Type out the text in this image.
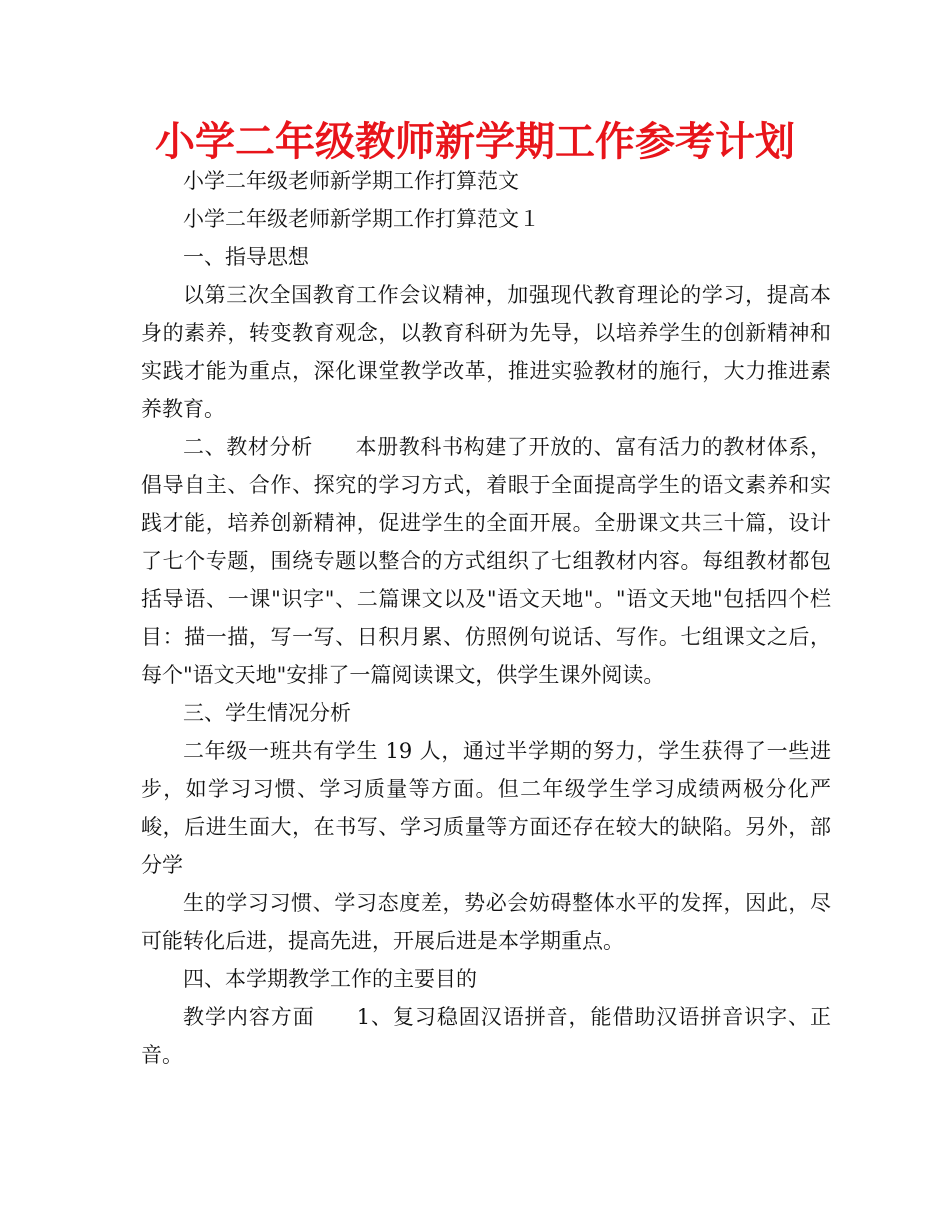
小学二年级教师新学期工作参考计划

小学二年级老师新学期工作打算范文

小学二年级老师新学期工作打算范文１

一、指导思想

以第三次全国教育工作会议精神，加强现代教育理论的学习，提高本身的素养，转变教育观念，以教育科研为先导，以培养学生的创新精神和实践才能为重点，深化课堂教学改革，推进实验教材的施行，大力推进素养教育。

二、教材分析 本册教科书构建了开放的、富有活力的教材体系，倡导自主、合作、探究的学习方式，着眼于全面提高学生的语文素养和实践才能，培养创新精神，促进学生的全面开展。全册课文共三十篇，设计了七个专题，围绕专题以整合的方式组织了七组教材内容。每组教材都包括导语、一课"识字"、二篇课文以及"语文天地"。"语文天地"包括四个栏目：描一描，写一写、日积月累、仿照例句说话、写作。七组课文之后，每个"语文天地"安排了一篇阅读课文，供学生课外阅读。

三、学生情况分析

二年级一班共有学生 19 人，通过半学期的努力，学生获得了一些进步，如学习习惯、学习质量等方面。但二年级学生学习成绩两极分化严峻，后进生面大，在书写、学习质量等方面还存在较大的缺陷。另外，部分学

生的学习习惯、学习态度差，势必会妨碍整体水平的发挥，因此，尽可能转化后进，提高先进，开展后进是本学期重点。

四、本学期教学工作的主要目的

教学内容方面 1、复习稳固汉语拼音，能借助汉语拼音识字、正音。
